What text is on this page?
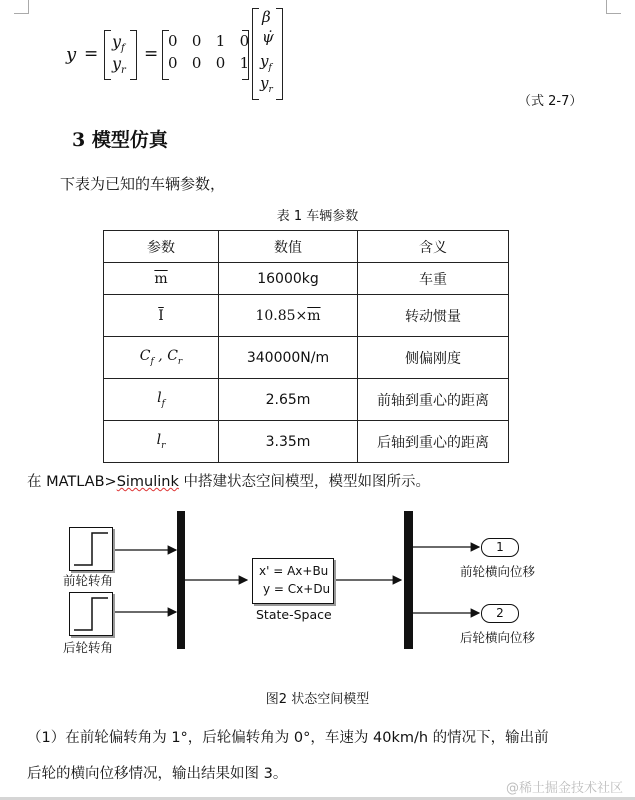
y =
$y_f$
$y_r$
=
0 0 1 0
0 0 0 1
β
ψ̇
$y_f$
$y_r$
（式 2-7）
3 模型仿真
下表为已知的车辆参数，
表 1 车辆参数
参数	数值	含义
$\overline{m}$	16000kg	车重
$\overline{I}$	$10.85\times\overline{m}$	转动惯量
$C_f$ , $C_r$	340000N/m	侧偏刚度
$l_f$	2.65m	前轴到重心的距离
$l_r$	3.35m	后轴到重心的距离
在 MATLAB>Simulink 中搭建状态空间模型，模型如图所示。
前轮转角
后轮转角
x' = Ax+Bu
y = Cx+Du
State-Space
1
前轮横向位移
2
后轮横向位移
图2 状态空间模型
（1）在前轮偏转角为 1°，后轮偏转角为 0°，车速为 40km/h 的情况下，输出前
后轮的横向位移情况，输出结果如图 3。
@稀土掘金技术社区
